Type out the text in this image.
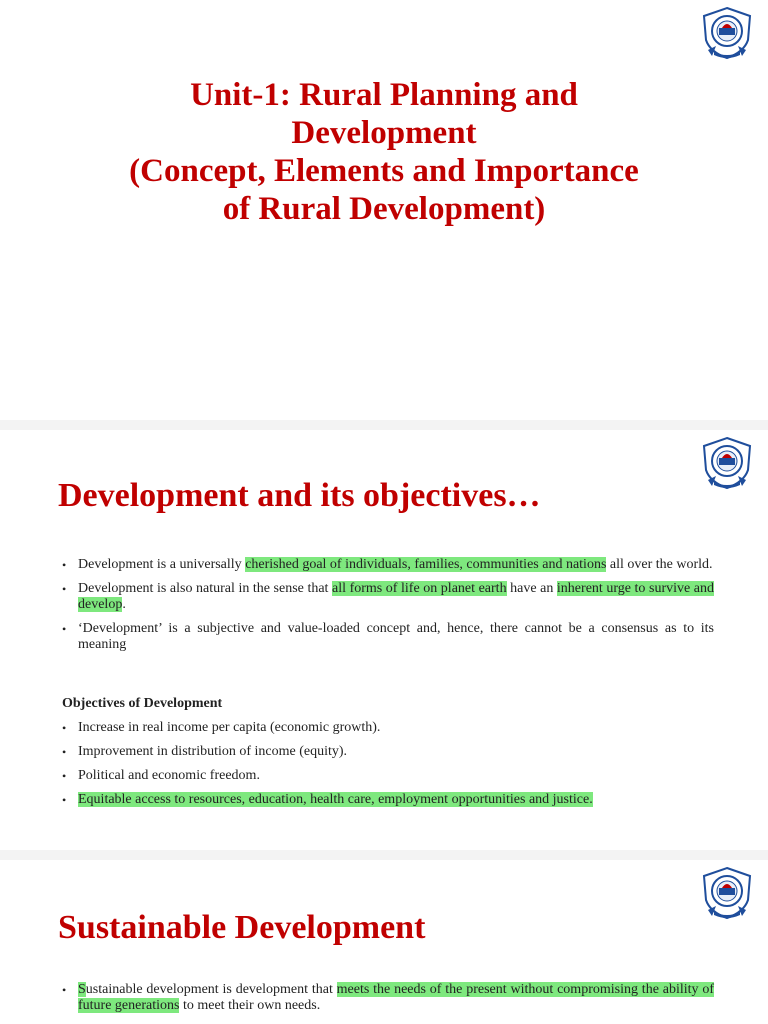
Unit-1: Rural Planning and
Development
(Concept, Elements and Importance
of Rural Development)
Development and its objectives…
• Development is a universally cherished goal of individuals, families, communities and nations all over the world.
• Development is also natural in the sense that all forms of life on planet earth have an inherent urge to survive and develop.
• ‘Development’ is a subjective and value-loaded concept and, hence, there cannot be a consensus as to its meaning
Objectives of Development
• Increase in real income per capita (economic growth).
• Improvement in distribution of income (equity).
• Political and economic freedom.
• Equitable access to resources, education, health care, employment opportunities and justice.
Sustainable Development
• Sustainable development is development that meets the needs of the present without compromising the ability of future generations to meet their own needs.
